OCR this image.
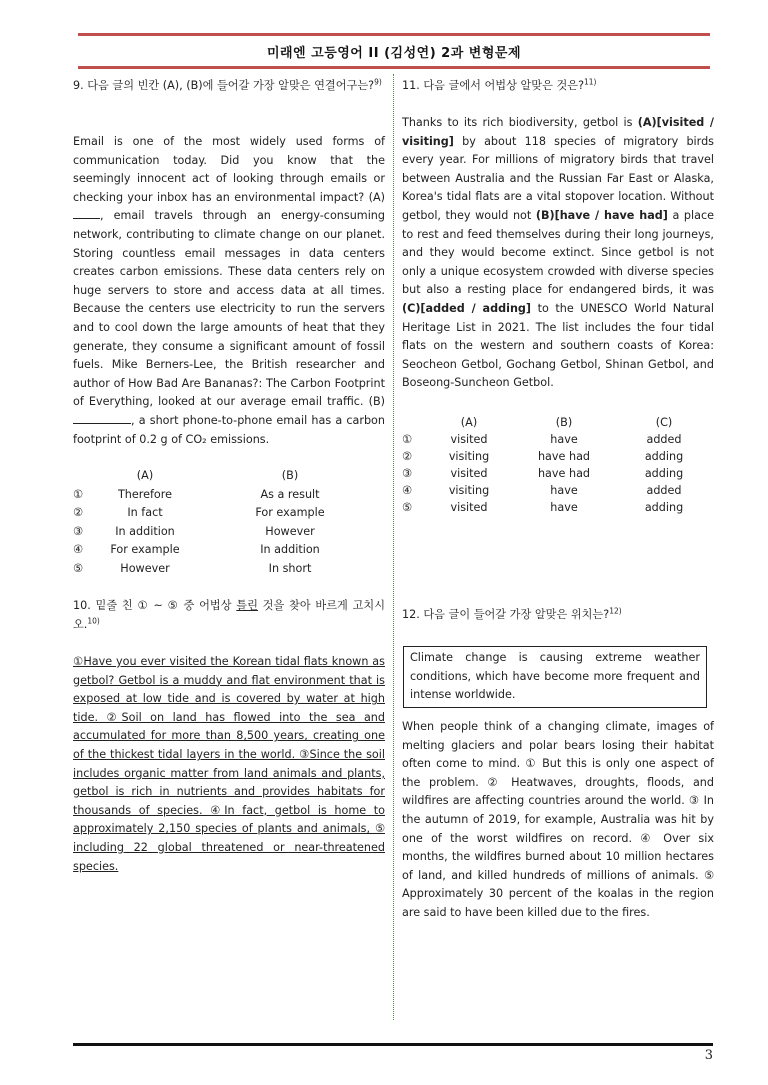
미래엔 고등영어 II (김성연) 2과 변형문제
9. 다음 글의 빈칸 (A), (B)에 들어갈 가장 알맞은 연결어구는?$^{9)}$
Email is one of the most widely used forms of communication today. Did you know that the seemingly innocent act of looking through emails or checking your inbox has an environmental impact? (A), email travels through an energy-consuming network, contributing to climate change on our planet. Storing countless email messages in data centers creates carbon emissions. These data centers rely on huge servers to store and access data at all times. Because the centers use electricity to run the servers and to cool down the large amounts of heat that they generate, they consume a significant amount of fossil fuels. Mike Berners-Lee, the British researcher and author of How Bad Are Bananas?: The Carbon Footprint of Everything, looked at our average email traffic. (B) , a short phone-to-phone email has a carbon footprint of 0.2 g of CO₂ emissions.
	(A)	(B)
①	Therefore	As a result
②	In fact	For example
③	In addition	However
④	For example	In addition
⑤	However	In short
10. 밑줄 친 ① ~ ⑤ 중 어법상 틀린 것을 찾아 바르게 고치시오.$^{10)}$
①Have you ever visited the Korean tidal flats known as getbol? Getbol is a muddy and flat environment that is exposed at low tide and is covered by water at high tide. ②Soil on land has flowed into the sea and accumulated for more than 8,500 years, creating one of the thickest tidal layers in the world. ③Since the soil includes organic matter from land animals and plants, getbol is rich in nutrients and provides habitats for thousands of species. ④In fact, getbol is home to approximately 2,150 species of plants and animals, ⑤ including 22 global threatened or near-threatened species.
11. 다음 글에서 어법상 알맞은 것은?$^{11)}$
Thanks to its rich biodiversity, getbol is (A)[visited / visiting] by about 118 species of migratory birds every year. For millions of migratory birds that travel between Australia and the Russian Far East or Alaska, Korea's tidal flats are a vital stopover location. Without getbol, they would not (B)[have / have had] a place to rest and feed themselves during their long journeys, and they would become extinct. Since getbol is not only a unique ecosystem crowded with diverse species but also a resting place for endangered birds, it was (C)[added / adding] to the UNESCO World Natural Heritage List in 2021. The list includes the four tidal flats on the western and southern coasts of Korea: Seocheon Getbol, Gochang Getbol, Shinan Getbol, and Boseong-Suncheon Getbol.
	(A)	(B)	(C)
①	visited	have	added
②	visiting	have had	adding
③	visited	have had	adding
④	visiting	have	added
⑤	visited	have	adding
12. 다음 글이 들어갈 가장 알맞은 위치는?$^{12)}$
Climate change is causing extreme weather conditions, which have become more frequent and intense worldwide.
When people think of a changing climate, images of melting glaciers and polar bears losing their habitat often come to mind. ① But this is only one aspect of the problem. ② Heatwaves, droughts, floods, and wildfires are affecting countries around the world. ③ In the autumn of 2019, for example, Australia was hit by one of the worst wildfires on record. ④ Over six months, the wildfires burned about 10 million hectares of land, and killed hundreds of millions of animals. ⑤ Approximately 30 percent of the koalas in the region are said to have been killed due to the fires.
3
